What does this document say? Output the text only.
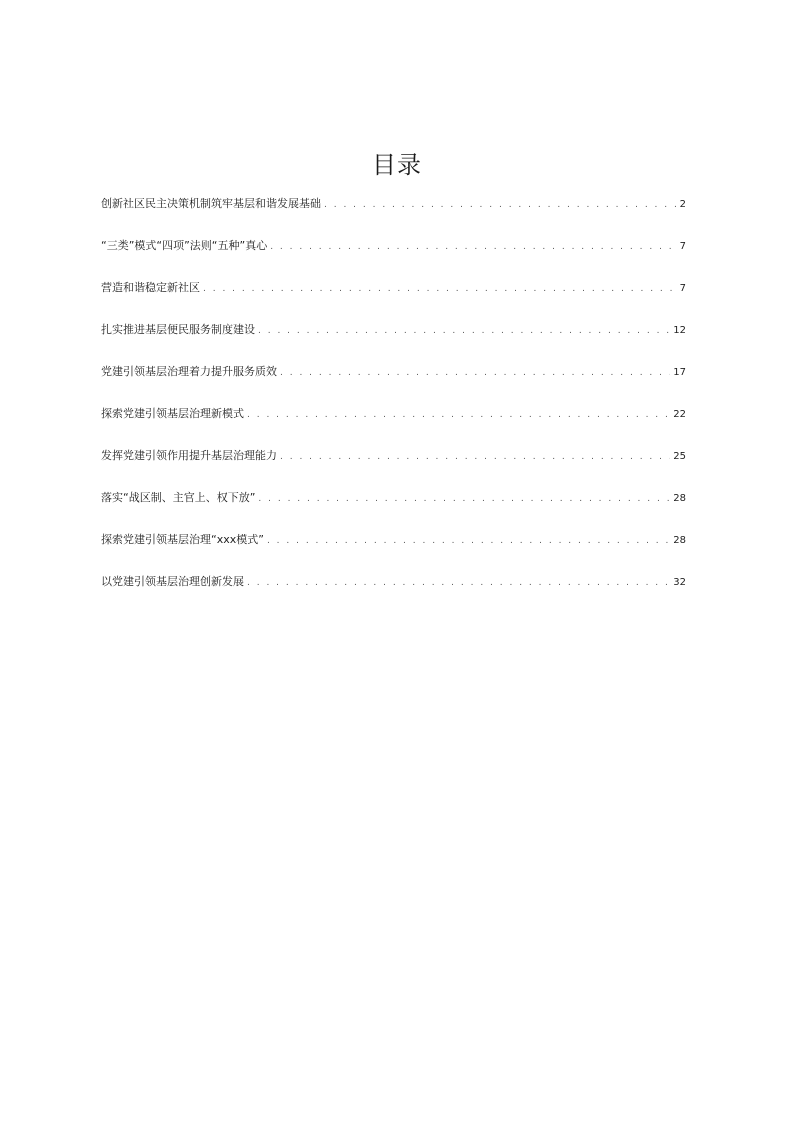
目录
创新社区民主决策机制筑牢基层和谐发展基础 . . .	2
“三类”模式“四项”法则“五种”真心 . . .	7
营造和谐稳定新社区 . . .	7
扎实推进基层便民服务制度建设 . . .	12
党建引领基层治理着力提升服务质效 . . .	17
探索党建引领基层治理新模式 . . .	22
发挥党建引领作用提升基层治理能力 . . .	25
落实“战区制、主官上、权下放” . . .	28
探索党建引领基层治理“xxx模式” . . .	28
以党建引领基层治理创新发展 . . .	32
